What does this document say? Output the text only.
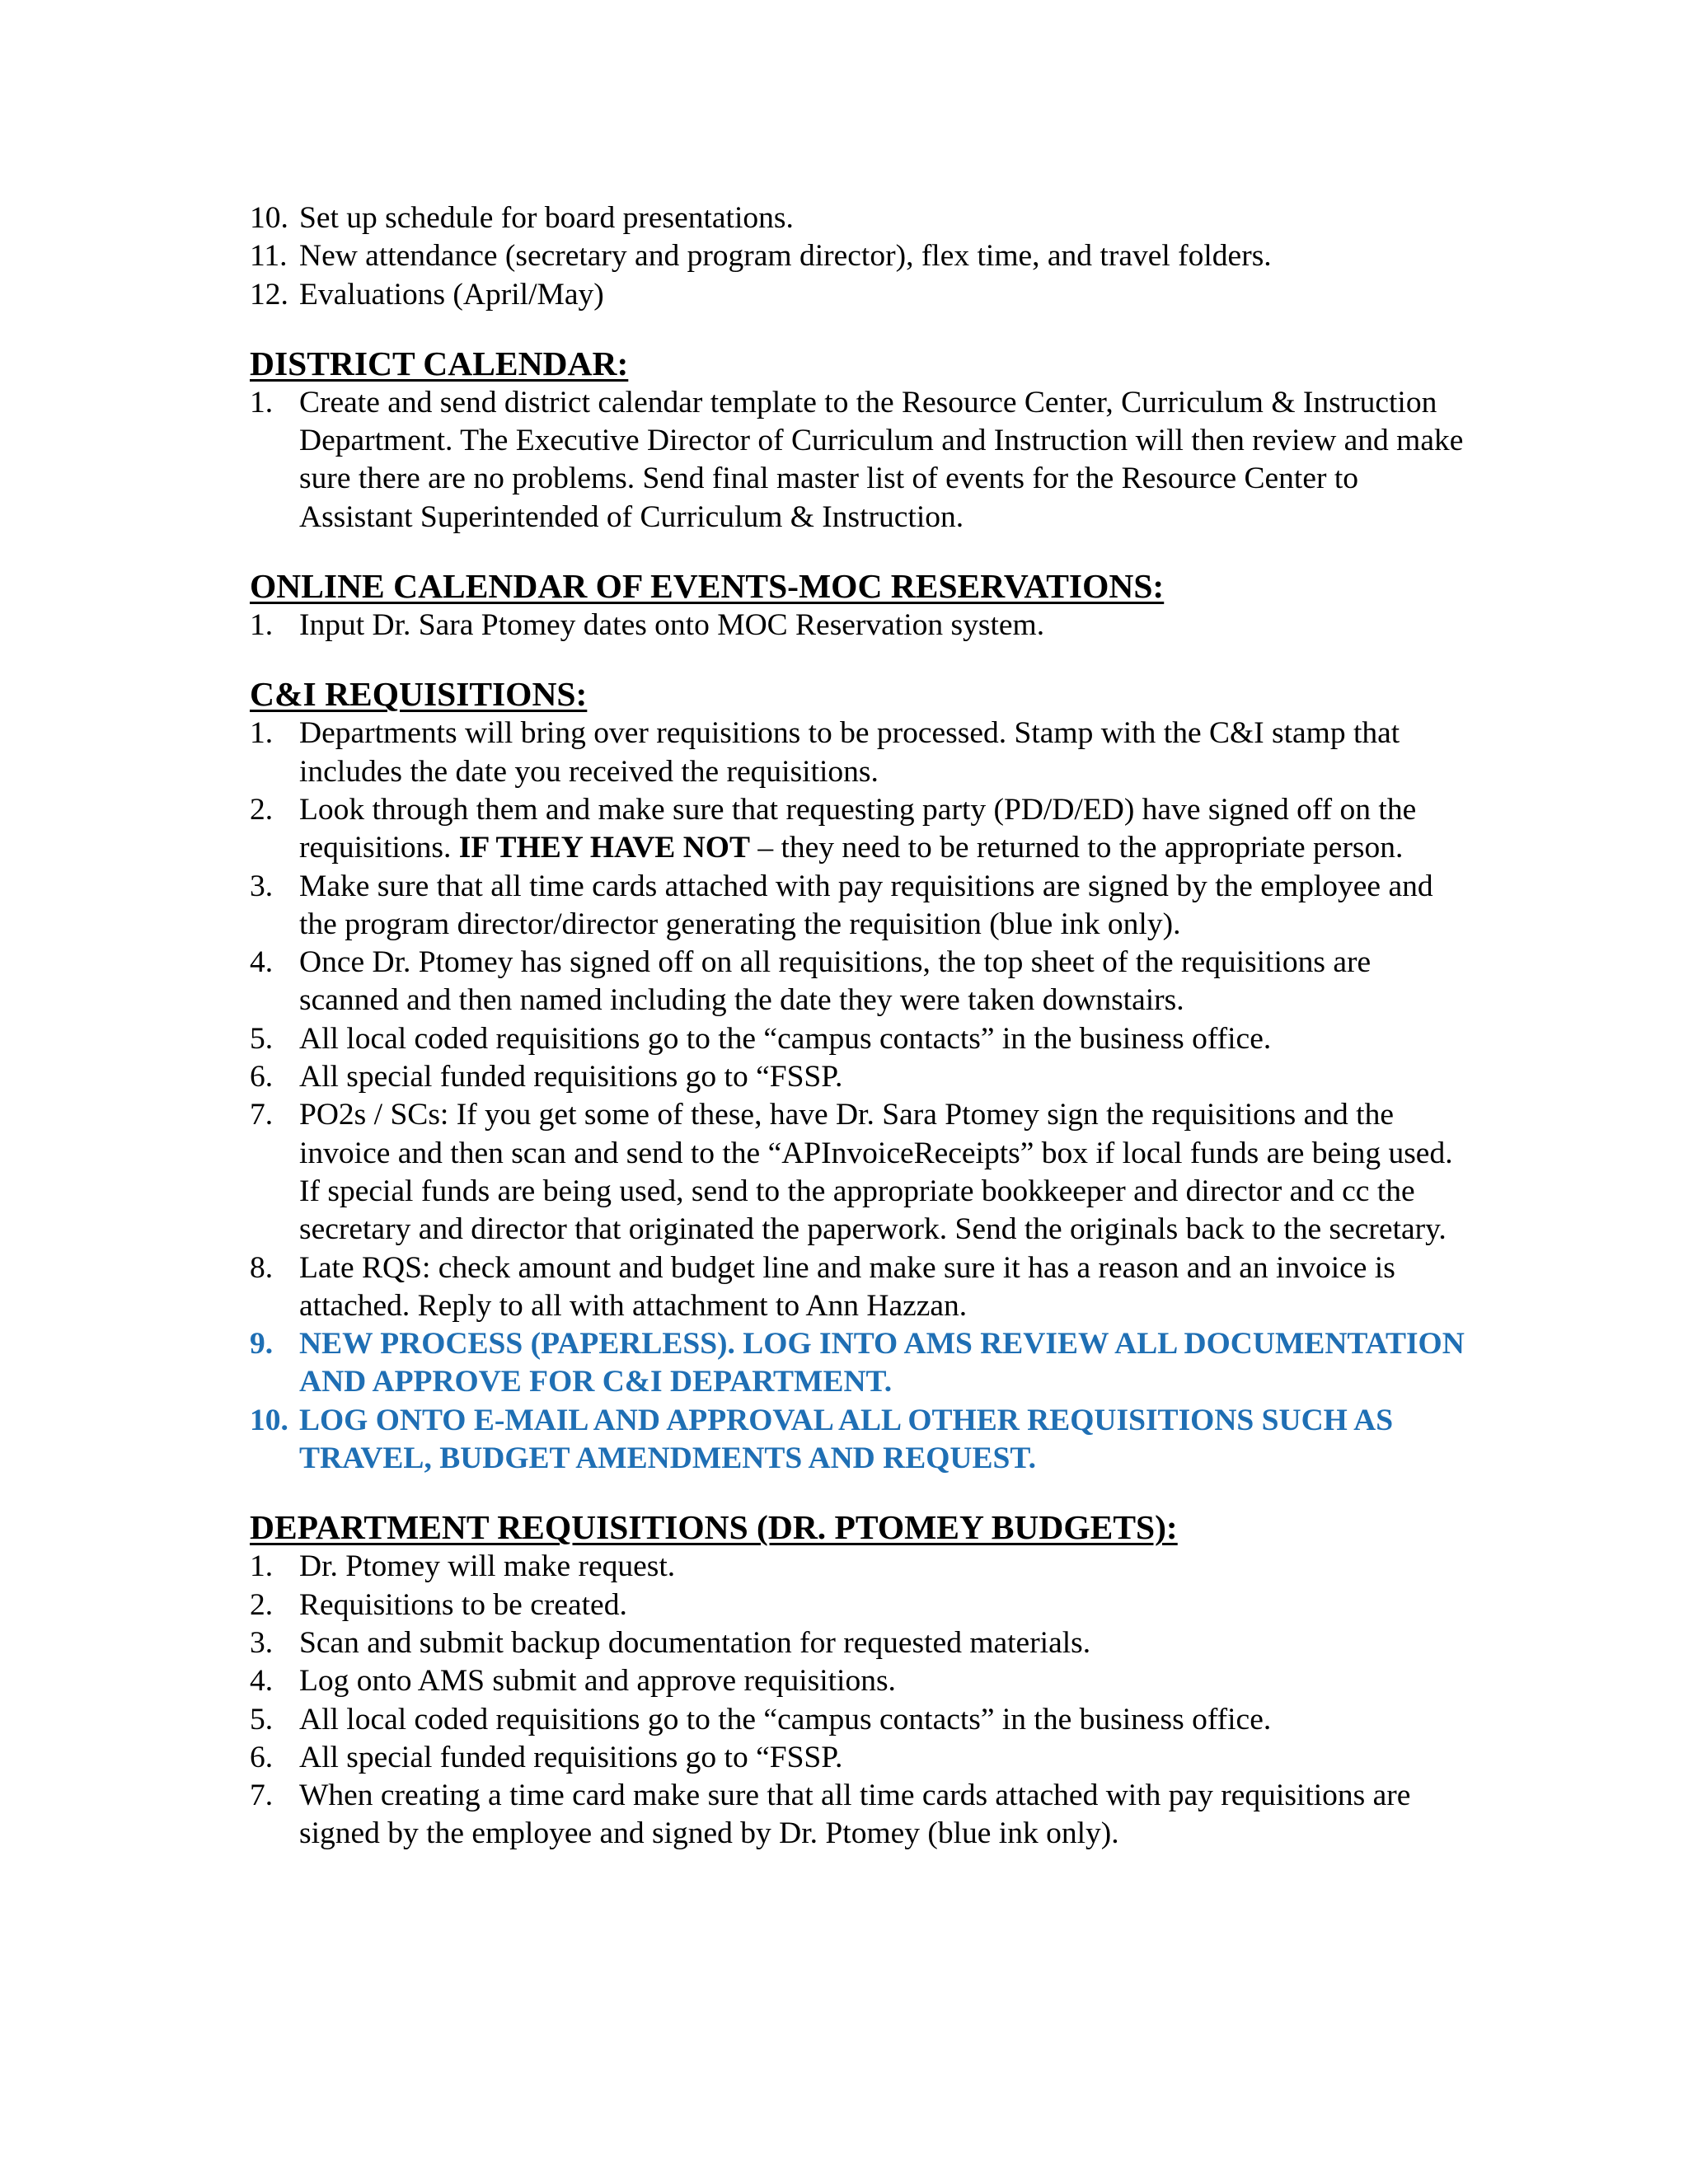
10. Set up schedule for board presentations.
11. New attendance (secretary and program director), flex time, and travel folders.
12. Evaluations (April/May)
DISTRICT CALENDAR:
1. Create and send district calendar template to the Resource Center, Curriculum & Instruction Department. The Executive Director of Curriculum and Instruction will then review and make sure there are no problems. Send final master list of events for the Resource Center to Assistant Superintended of Curriculum & Instruction.
ONLINE CALENDAR OF EVENTS-MOC RESERVATIONS:
1. Input Dr. Sara Ptomey dates onto MOC Reservation system.
C&I REQUISITIONS:
1. Departments will bring over requisitions to be processed. Stamp with the C&I stamp that includes the date you received the requisitions.
2. Look through them and make sure that requesting party (PD/D/ED) have signed off on the requisitions. IF THEY HAVE NOT – they need to be returned to the appropriate person.
3. Make sure that all time cards attached with pay requisitions are signed by the employee and the program director/director generating the requisition (blue ink only).
4. Once Dr. Ptomey has signed off on all requisitions, the top sheet of the requisitions are scanned and then named including the date they were taken downstairs.
5. All local coded requisitions go to the “campus contacts” in the business office.
6. All special funded requisitions go to “FSSP.
7. PO2s / SCs: If you get some of these, have Dr. Sara Ptomey sign the requisitions and the invoice and then scan and send to the “APInvoiceReceipts” box if local funds are being used. If special funds are being used, send to the appropriate bookkeeper and director and cc the secretary and director that originated the paperwork. Send the originals back to the secretary.
8. Late RQS: check amount and budget line and make sure it has a reason and an invoice is attached. Reply to all with attachment to Ann Hazzan.
9. NEW PROCESS (PAPERLESS). LOG INTO AMS REVIEW ALL DOCUMENTATION AND APPROVE FOR C&I DEPARTMENT.
10. LOG ONTO E-MAIL AND APPROVAL ALL OTHER REQUISITIONS SUCH AS TRAVEL, BUDGET AMENDMENTS AND REQUEST.
DEPARTMENT REQUISITIONS (DR. PTOMEY BUDGETS):
1. Dr. Ptomey will make request.
2. Requisitions to be created.
3. Scan and submit backup documentation for requested materials.
4. Log onto AMS submit and approve requisitions.
5. All local coded requisitions go to the “campus contacts” in the business office.
6. All special funded requisitions go to “FSSP.
7. When creating a time card make sure that all time cards attached with pay requisitions are signed by the employee and signed by Dr. Ptomey (blue ink only).
